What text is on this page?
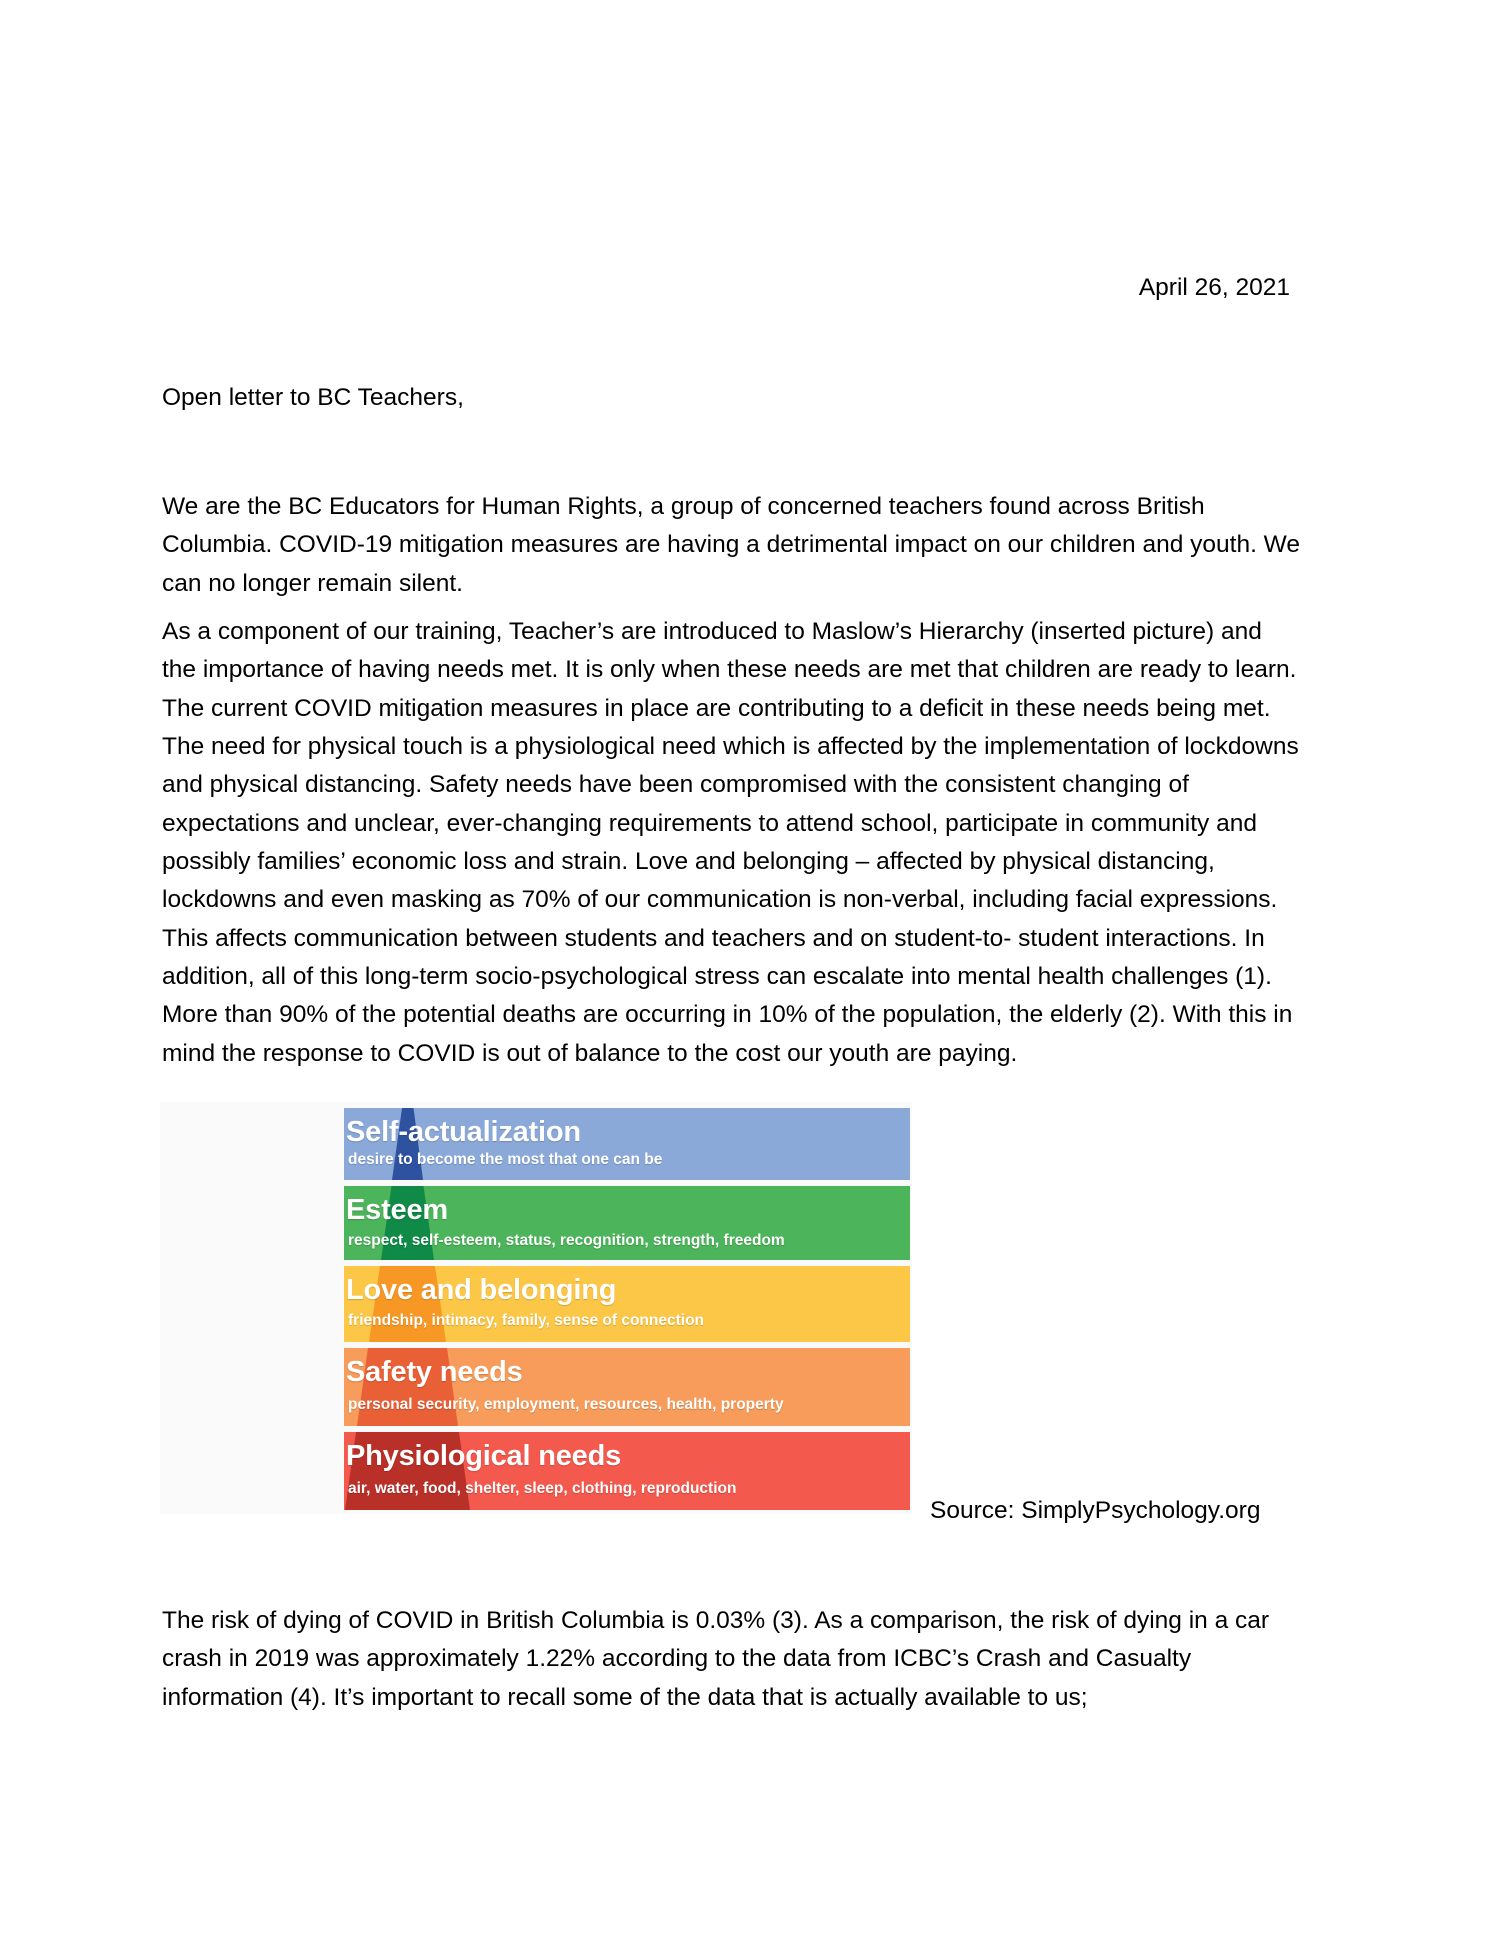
April 26, 2021
Open letter to BC Teachers,
We are the BC Educators for Human Rights, a group of concerned teachers found across British Columbia. COVID-19 mitigation measures are having a detrimental impact on our children and youth. We can no longer remain silent.
As a component of our training, Teacher’s are introduced to Maslow’s Hierarchy (inserted picture) and the importance of having needs met. It is only when these needs are met that children are ready to learn. The current COVID mitigation measures in place are contributing to a deficit in these needs being met. The need for physical touch is a physiological need which is affected by the implementation of lockdowns and physical distancing. Safety needs have been compromised with the consistent changing of expectations and unclear, ever-changing requirements to attend school, participate in community and possibly families’ economic loss and strain. Love and belonging – affected by physical distancing, lockdowns and even masking as 70% of our communication is non-verbal, including facial expressions. This affects communication between students and teachers and on student-to- student interactions. In addition, all of this long-term socio-psychological stress can escalate into mental health challenges (1). More than 90% of the potential deaths are occurring in 10% of the population, the elderly (2). With this in mind the response to COVID is out of balance to the cost our youth are paying.
Self-actualization
desire to become the most that one can be
Esteem
respect, self-esteem, status, recognition, strength, freedom
Love and belonging
friendship, intimacy, family, sense of connection
Safety needs
personal security, employment, resources, health, property
Physiological needs
air, water, food, shelter, sleep, clothing, reproduction
Source: SimplyPsychology.org
The risk of dying of COVID in British Columbia is 0.03% (3). As a comparison, the risk of dying in a car crash in 2019 was approximately 1.22% according to the data from ICBC’s Crash and Casualty information (4). It’s important to recall some of the data that is actually available to us;
